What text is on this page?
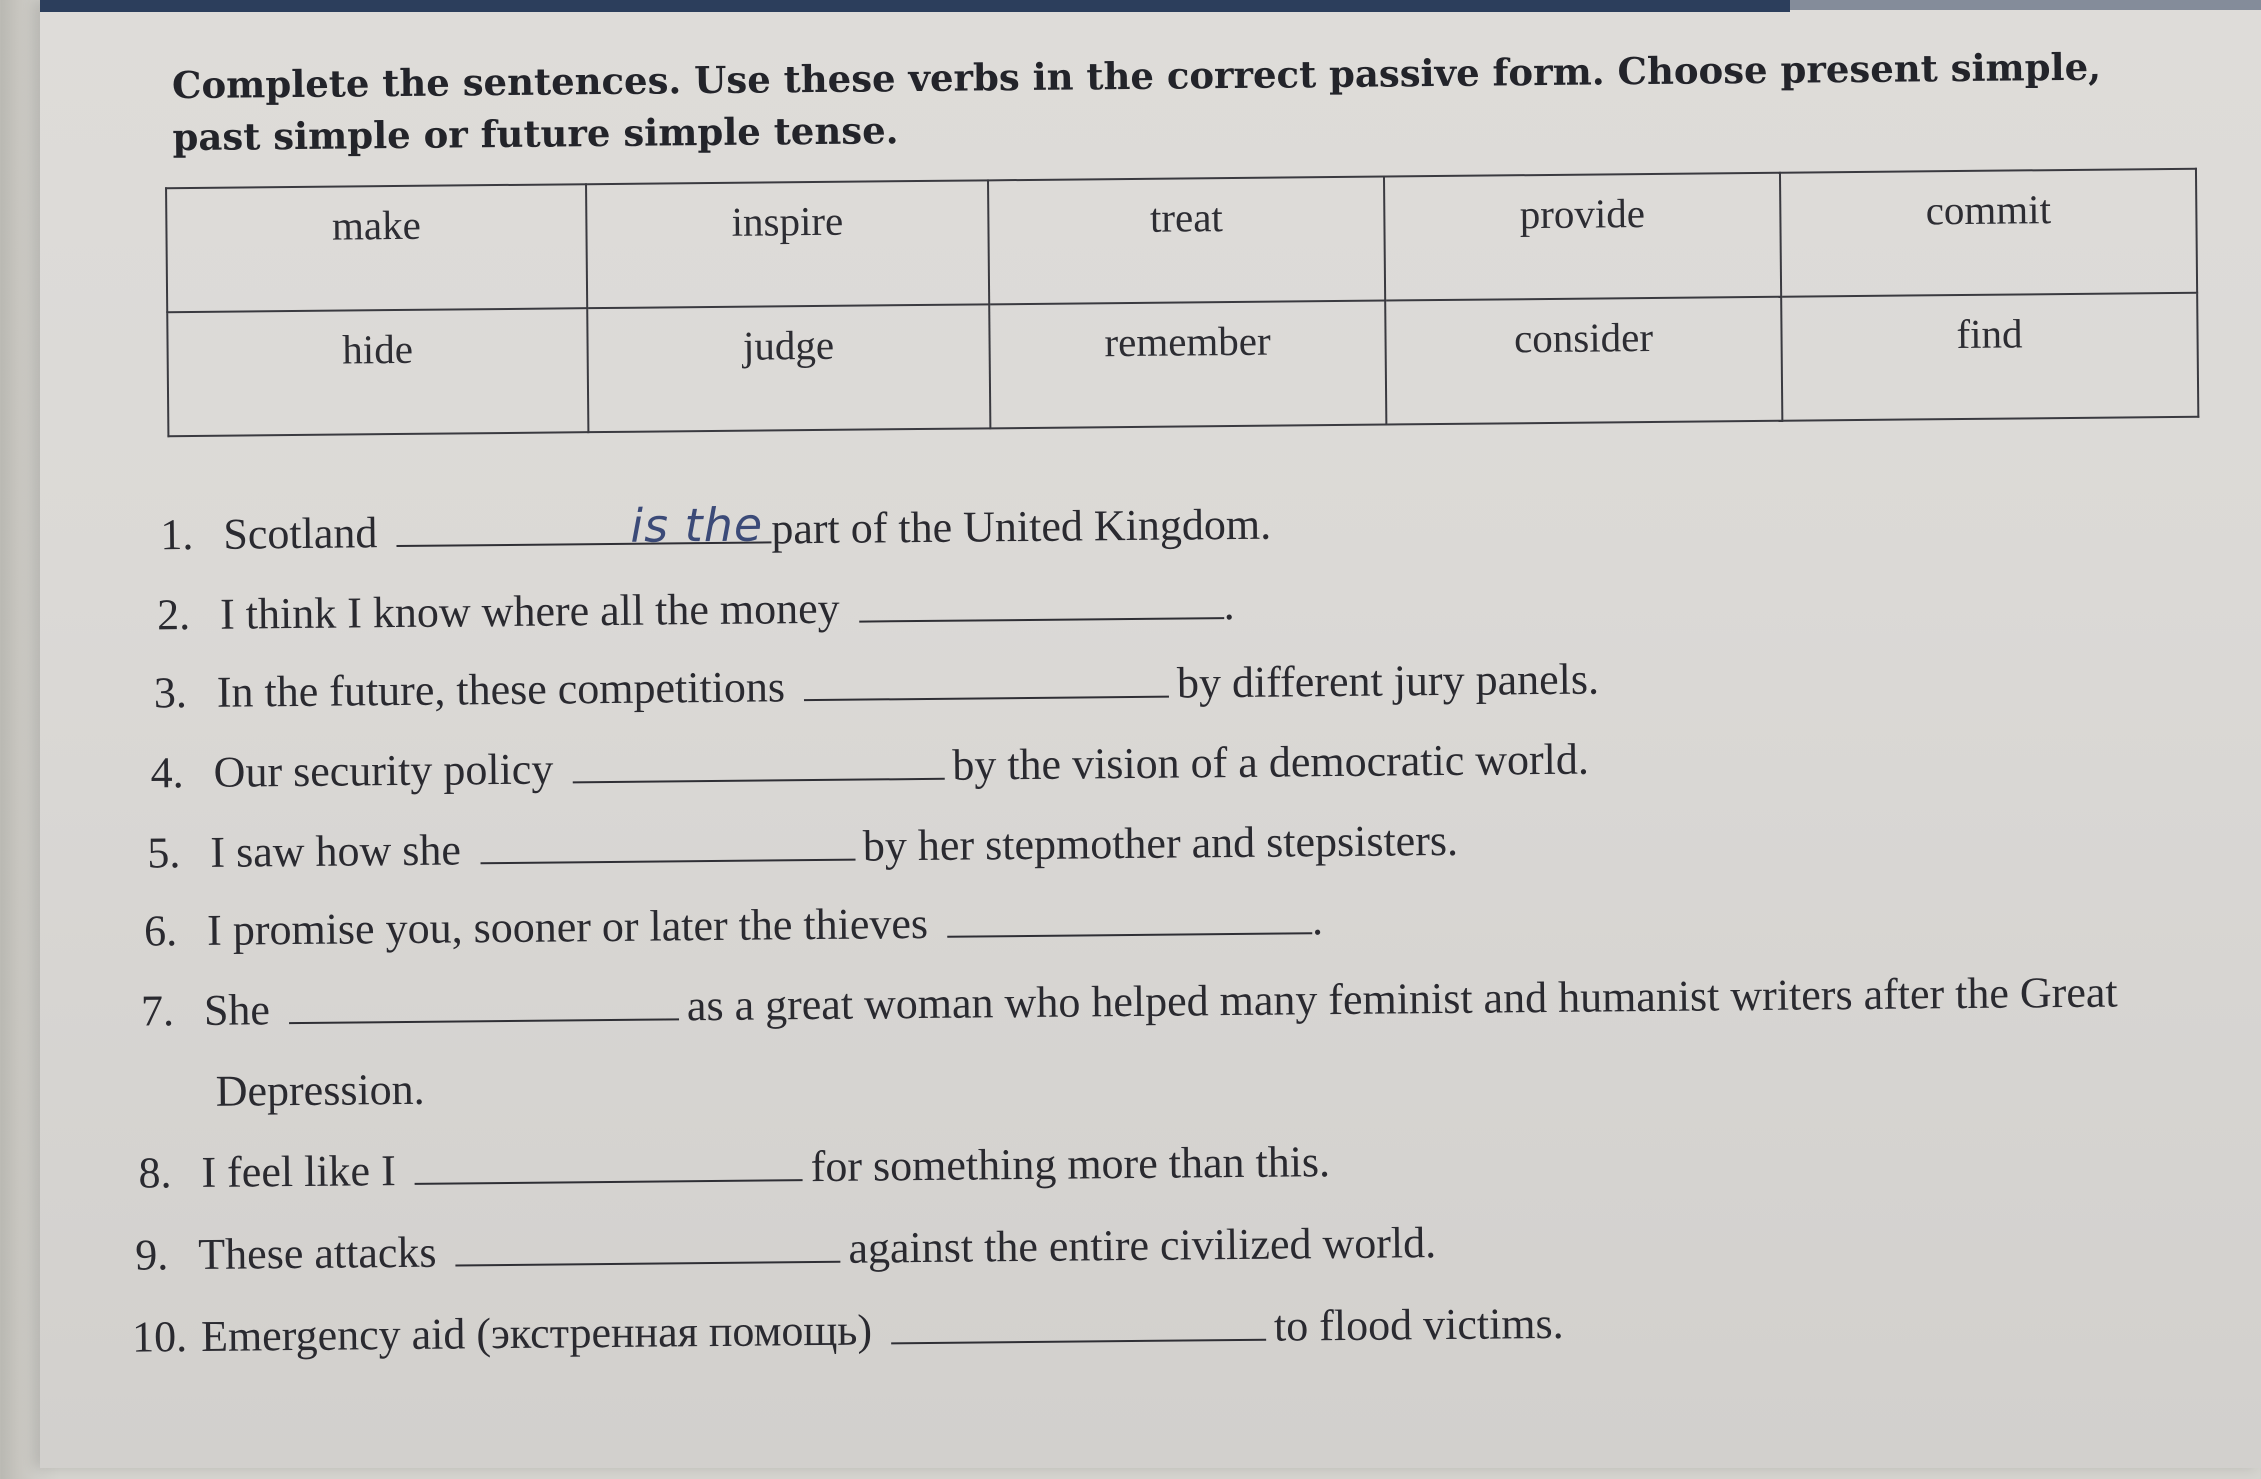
Complete the sentences. Use these verbs in the correct passive form. Choose present simple, past simple or future simple tense.

make	inspire	treat	provide	commit
hide	judge	remember	consider	find
1. Scotland	is the part of the United Kingdom.
2. I think I know where all the money	.
3. In the future, these competitions	by different jury panels.
4. Our security policy	by the vision of a democratic world.
5. I saw how she	by her stepmother and stepsisters.
6. I promise you, sooner or later the thieves	.
7. She	as a great woman who helped many feminist and humanist writers after the Great
Depression.
8. I feel like I	for something more than this.
9. These attacks	against the entire civilized world.
10. Emergency aid (экстренная помощь)	to flood victims.
